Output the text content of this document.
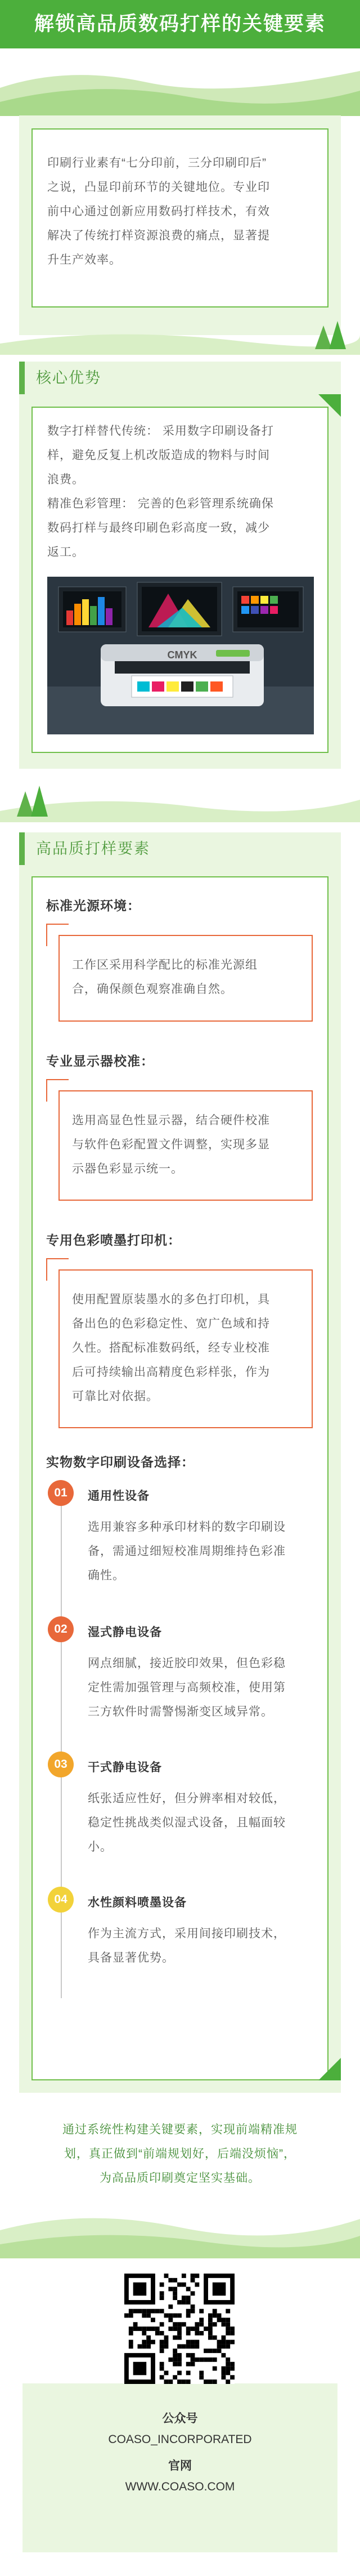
解锁高品质数码打样的关键要素
印刷行业素有“七分印前，三分印刷印后”
之说，凸显印前环节的关键地位。专业印
前中心通过创新应用数码打样技术，有效
解决了传统打样资源浪费的痛点，显著提
升生产效率。
核心优势
数字打样替代传统： 采用数字印刷设备打
样，避免反复上机改版造成的物料与时间
浪费。
精准色彩管理： 完善的色彩管理系统确保
数码打样与最终印刷色彩高度一致，减少
返工。
CMYK
高品质打样要素
标准光源环境：
工作区采用科学配比的标准光源组
合，确保颜色观察准确自然。
专业显示器校准：
选用高显色性显示器，结合硬件校准
与软件色彩配置文件调整，实现多显
示器色彩显示统一。
专用色彩喷墨打印机：
使用配置原装墨水的多色打印机，具
备出色的色彩稳定性、宽广色域和持
久性。搭配标准数码纸，经专业校准
后可持续输出高精度色彩样张，作为
可靠比对依据。
实物数字印刷设备选择：
01	通用性设备
选用兼容多种承印材料的数字印刷设
备，需通过细短校准周期维持色彩准
确性。
02	湿式静电设备
网点细腻，接近胶印效果，但色彩稳
定性需加强管理与高频校准，使用第
三方软件时需警惕渐变区域异常。
03	干式静电设备
纸张适应性好，但分辨率相对较低，
稳定性挑战类似湿式设备，且幅面较
小。
04	水性颜料喷墨设备
作为主流方式，采用间接印刷技术，
具备显著优势。
通过系统性构建关键要素，实现前端精准规
划，真正做到“前端规划好，后端没烦恼”，
为高品质印刷奠定坚实基础。
公众号
COASO_INCORPORATED
官网
WWW.COASO.COM
